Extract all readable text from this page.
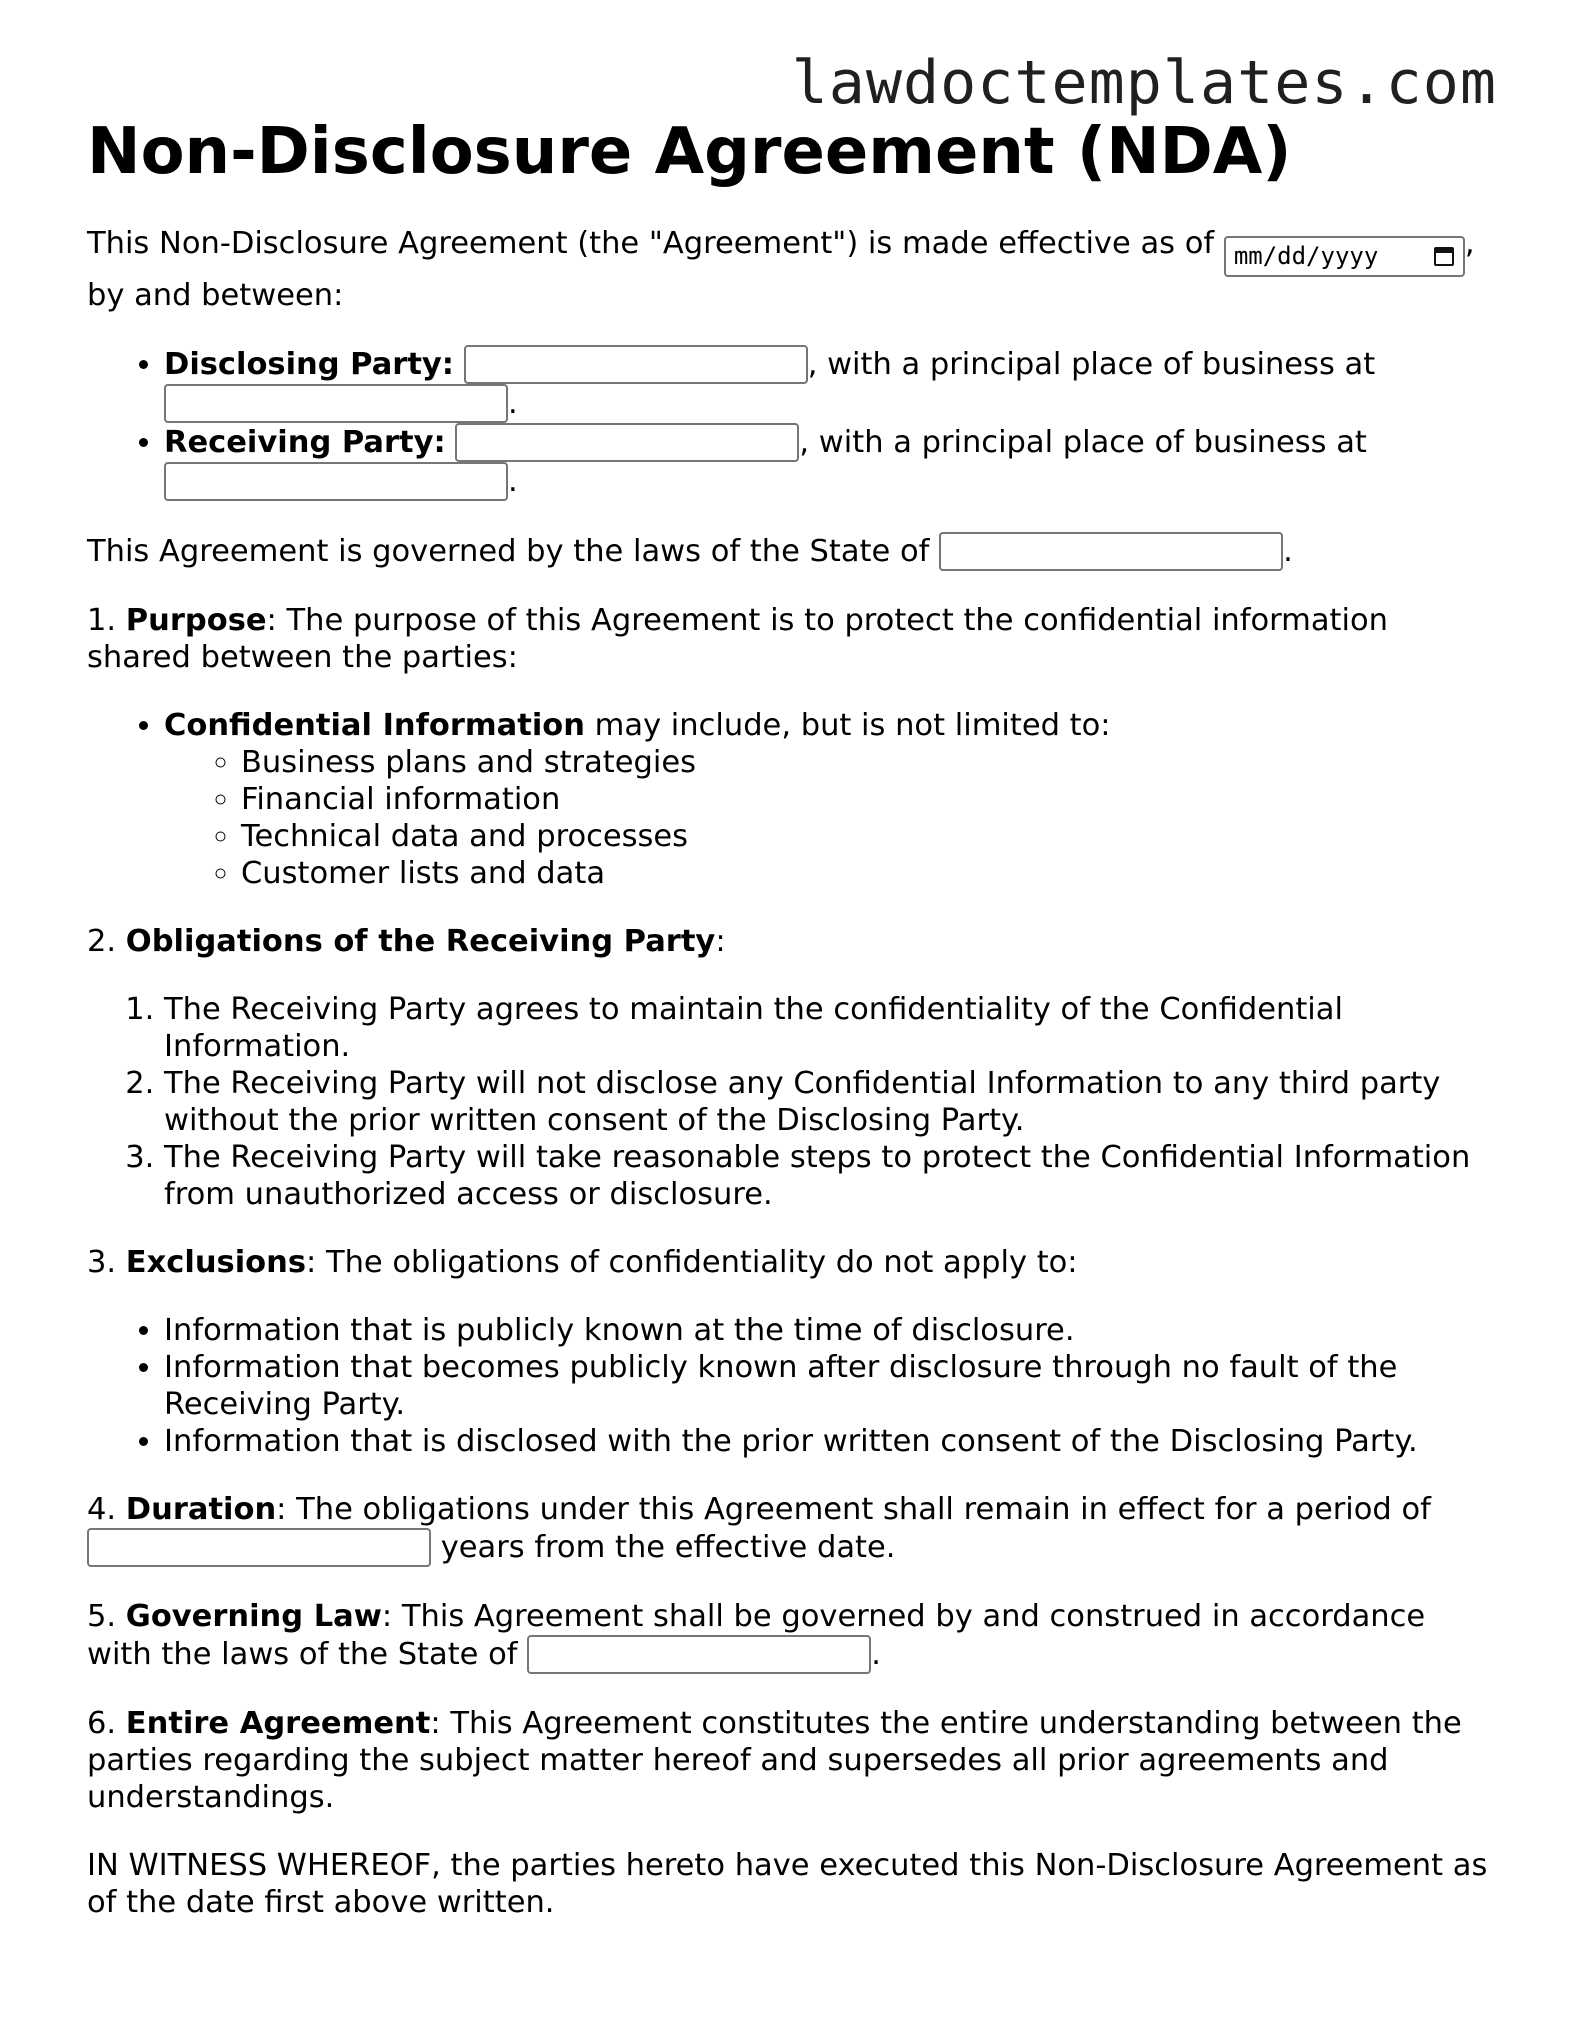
lawdoctemplates.com
Non-Disclosure Agreement (NDA)

This Non-Disclosure Agreement (the "Agreement") is made effective as of mm/dd/yyyy	, by and between:

• Disclosing Party:	, with a principal place of business at .
• Receiving Party:	, with a principal place of business at .

This Agreement is governed by the laws of the State of	.

1. Purpose: The purpose of this Agreement is to protect the confidential information shared between the parties:

• Confidential Information may include, but is not limited to:
◦ Business plans and strategies
◦ Financial information
◦ Technical data and processes
◦ Customer lists and data

2. Obligations of the Receiving Party:

1. The Receiving Party agrees to maintain the confidentiality of the Confidential Information.
2. The Receiving Party will not disclose any Confidential Information to any third party without the prior written consent of the Disclosing Party.
3. The Receiving Party will take reasonable steps to protect the Confidential Information from unauthorized access or disclosure.

3. Exclusions: The obligations of confidentiality do not apply to:

• Information that is publicly known at the time of disclosure.
• Information that becomes publicly known after disclosure through no fault of the Receiving Party.
• Information that is disclosed with the prior written consent of the Disclosing Party.

4. Duration: The obligations under this Agreement shall remain in effect for a period of  years from the effective date.

5. Governing Law: This Agreement shall be governed by and construed in accordance with the laws of the State of	.

6. Entire Agreement: This Agreement constitutes the entire understanding between the parties regarding the subject matter hereof and supersedes all prior agreements and understandings.

IN WITNESS WHEREOF, the parties hereto have executed this Non-Disclosure Agreement as of the date first above written.
